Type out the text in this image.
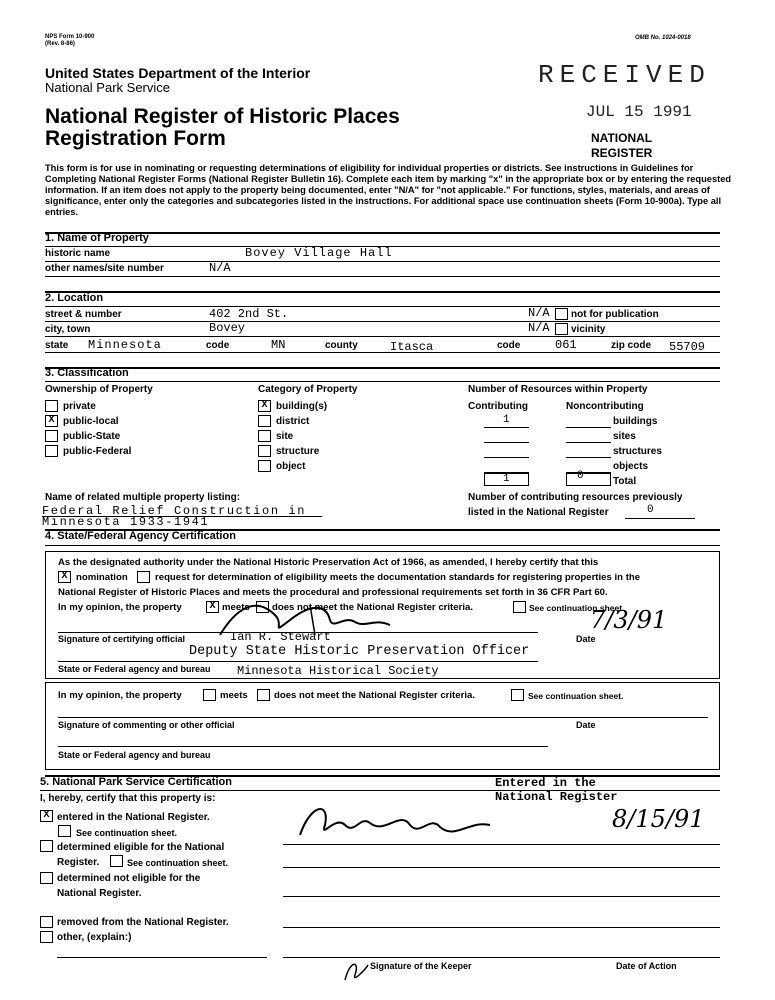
NPS Form 10-900
(Rev. 8-86)
OMB No. 1024-0018
United States Department of the Interior
National Park Service
National Register of Historic Places
Registration Form
RECEIVED
JUL 15 1991
NATIONAL
REGISTER
This form is for use in nominating or requesting determinations of eligibility for individual properties or districts. See instructions in Guidelines for Completing National Register Forms (National Register Bulletin 16). Complete each item by marking "x" in the appropriate box or by entering the requested information. If an item does not apply to the property being documented, enter "N/A" for "not applicable." For functions, styles, materials, and areas of significance, enter only the categories and subcategories listed in the instructions. For additional space use continuation sheets (Form 10-900a). Type all entries.
1. Name of Property
historic name	Bovey Village Hall
other names/site number	N/A
2. Location
street & number	402 2nd St.	N/A not for publication
city, town	Bovey	N/A vicinity
state Minnesota	code	MN	county	Itasca	code	061	zip code 55709
3. Classification
Ownership of Property
private
X public-local
public-State
public-Federal
Category of Property
X building(s)
district
site
structure
object
Number of Resources within Property
Contributing	Noncontributing
1	buildings
sites
structures
objects
1	0	Total
Name of related multiple property listing:
Federal Relief Construction in
Minnesota 1933-1941
Number of contributing resources previously
listed in the National Register	0
4. State/Federal Agency Certification
As the designated authority under the National Historic Preservation Act of 1966, as amended, I hereby certify that this
X nomination	request for determination of eligibility meets the documentation standards for registering properties in the
National Register of Historic Places and meets the procedural and professional requirements set forth in 36 CFR Part 60.
In my opinion, the property	X meets does not meet the National Register criteria.	See continuation sheet.
Signature of certifying official	Ian R. Stewart
7/3/91
Date
Deputy State Historic Preservation Officer
State or Federal agency and bureau Minnesota Historical Society
In my opinion, the property	meets	does not meet the National Register criteria.	See continuation sheet.
Signature of commenting or other official	Date
State or Federal agency and bureau
5. National Park Service Certification
I, hereby, certify that this property is:
X entered in the National Register.
See continuation sheet.
determined eligible for the National
Register.	See continuation sheet.
determined not eligible for the
National Register.
removed from the National Register.
other, (explain:)
Entered in the
National Register
8/15/91
Signature of the Keeper	Date of Action
